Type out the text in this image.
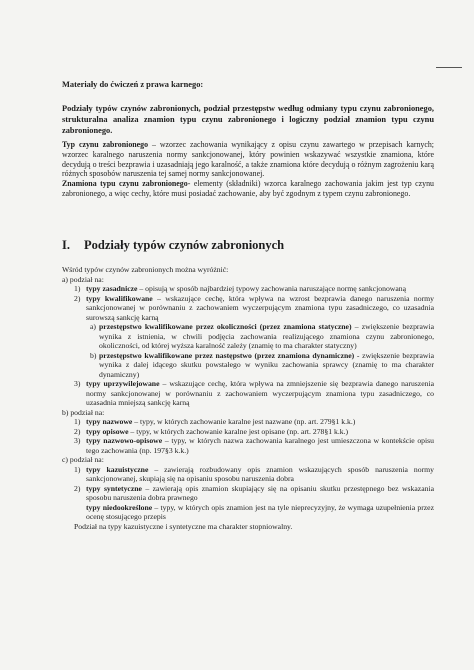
Materiały do ćwiczeń z prawa karnego:
Podziały typów czynów zabronionych, podział przestępstw według odmiany typu czynu zabronionego, strukturalna analiza znamion typu czynu zabronionego i logiczny podział znamion typu czynu zabronionego.

Typ czynu zabronionego – wzorzec zachowania wynikający z opisu czynu zawartego w przepisach karnych; wzorzec karalnego naruszenia normy sankcjonowanej, który powinien wskazywać wszystkie znamiona, które decydują o treści bezprawia i uzasadniają jego karalność, a także znamiona które decydują o różnym zagrożeniu karą różnych sposobów naruszenia tej samej normy sankcjonowanej.

Znamiona typu czynu zabronionego- elementy (składniki) wzorca karalnego zachowania jakim jest typ czynu zabronionego, a więc cechy, które musi posiadać zachowanie, aby być zgodnym z typem czynu zabronionego.

I. Podziały typów czynów zabronionych
Wśród typów czynów zabronionych można wyróżnić:
a) podział na:
1) typy zasadnicze – opisują w sposób najbardziej typowy zachowania naruszające normę sankcjonowaną
2) typy kwalifikowane – wskazujące cechę, która wpływa na wzrost bezprawia danego naruszenia normy sankcjonowanej w porównaniu z zachowaniem wyczerpującym znamiona typu zasadniczego, co uzasadnia surowszą sankcję karną
a) przestępstwo kwalifikowane przez okoliczności (przez znamiona statyczne) – zwiększenie bezprawia wynika z istnienia, w chwili podjęcia zachowania realizującego znamiona czynu zabronionego, okoliczności, od której wyższa karalność zależy (znamię to ma charakter statyczny)
b) przestępstwo kwalifikowane przez następstwo (przez znamiona dynamiczne) - zwiększenie bezprawia wynika z dalej idącego skutku powstałego w wyniku zachowania sprawcy (znamię to ma charakter dynamiczny)
3) typy uprzywilejowane – wskazujące cechę, która wpływa na zmniejszenie się bezprawia danego naruszenia normy sankcjonowanej w porównaniu z zachowaniem wyczerpującym znamiona typu zasadniczego, co uzasadnia mniejszą sankcję karną
b) podział na:
1) typy nazwowe – typy, w których zachowanie karalne jest nazwane (np. art. 279§1 k.k.)
2) typy opisowe – typy, w których zachowanie karalne jest opisane (np. art. 278§1 k.k.)
3) typy nazwowo-opisowe – typy, w których nazwa zachowania karalnego jest umieszczona w kontekście opisu tego zachowania (np. 197§3 k.k.)
c) podział na:
1) typy kazuistyczne – zawierają rozbudowany opis znamion wskazujących sposób naruszenia normy sankcjonowanej, skupiają się na opisaniu sposobu naruszenia dobra
2) typy syntetyczne – zawierają opis znamion skupiający się na opisaniu skutku przestępnego bez wskazania sposobu naruszenia dobra prawnego
typy niedookreślone – typy, w których opis znamion jest na tyle nieprecyzyjny, że wymaga uzupełnienia przez ocenę stosującego przepis
Podział na typy kazuistyczne i syntetyczne ma charakter stopniowalny.
